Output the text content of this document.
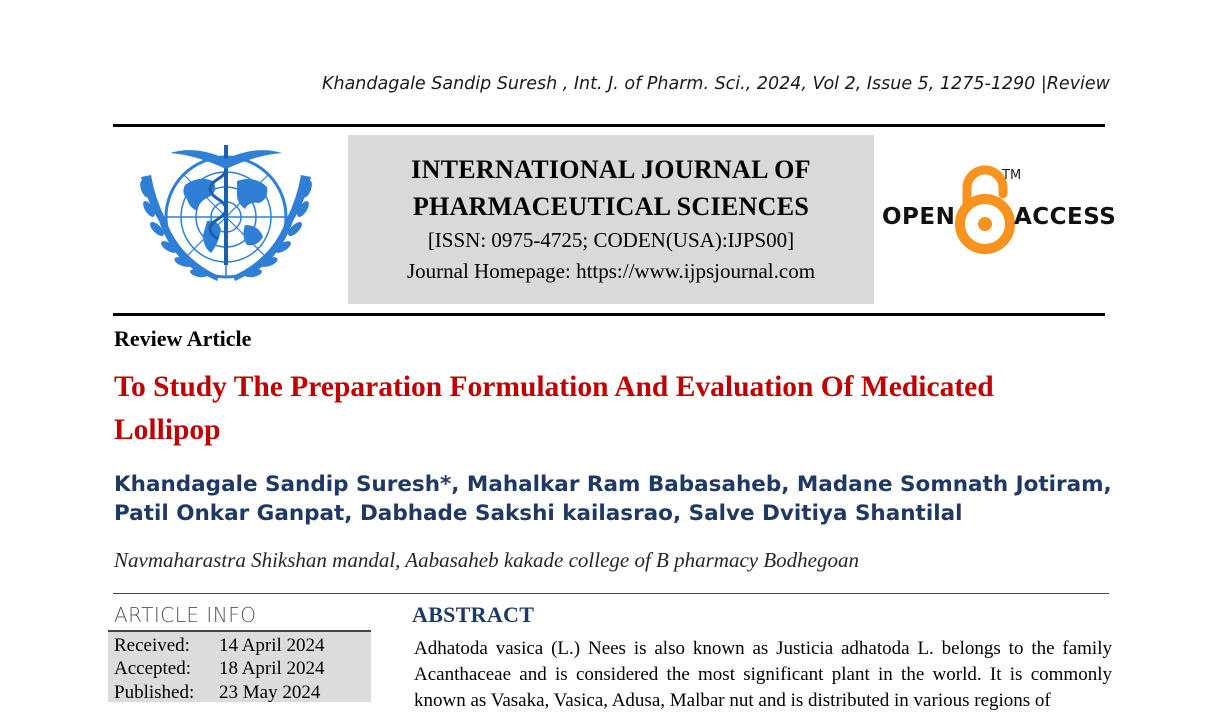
Khandagale Sandip Suresh , Int. J. of Pharm. Sci., 2024, Vol 2, Issue 5, 1275-1290 |Review
INTERNATIONAL JOURNAL OF
PHARMACEUTICAL SCIENCES
[ISSN: 0975-4725; CODEN(USA):IJPS00]
Journal Homepage: https://www.ijpsjournal.com
OPEN
TM
ACCESS
Review Article
To Study The Preparation Formulation And Evaluation Of Medicated Lollipop
Khandagale Sandip Suresh*, Mahalkar Ram Babasaheb, Madane Somnath Jotiram,
Patil Onkar Ganpat, Dabhade Sakshi kailasrao, Salve Dvitiya Shantilal
Navmaharastra Shikshan mandal, Aabasaheb kakade college of B pharmacy Bodhegoan
ARTICLE INFO
Received: 14 April 2024
Accepted: 18 April 2024
Published: 23 May 2024
ABSTRACT

Adhatoda vasica (L.) Nees is also known as Justicia adhatoda L. belongs to the family Acanthaceae and is considered the most significant plant in the world. It is commonly known as Vasaka, Vasica, Adusa, Malbar nut and is distributed in various regions of
